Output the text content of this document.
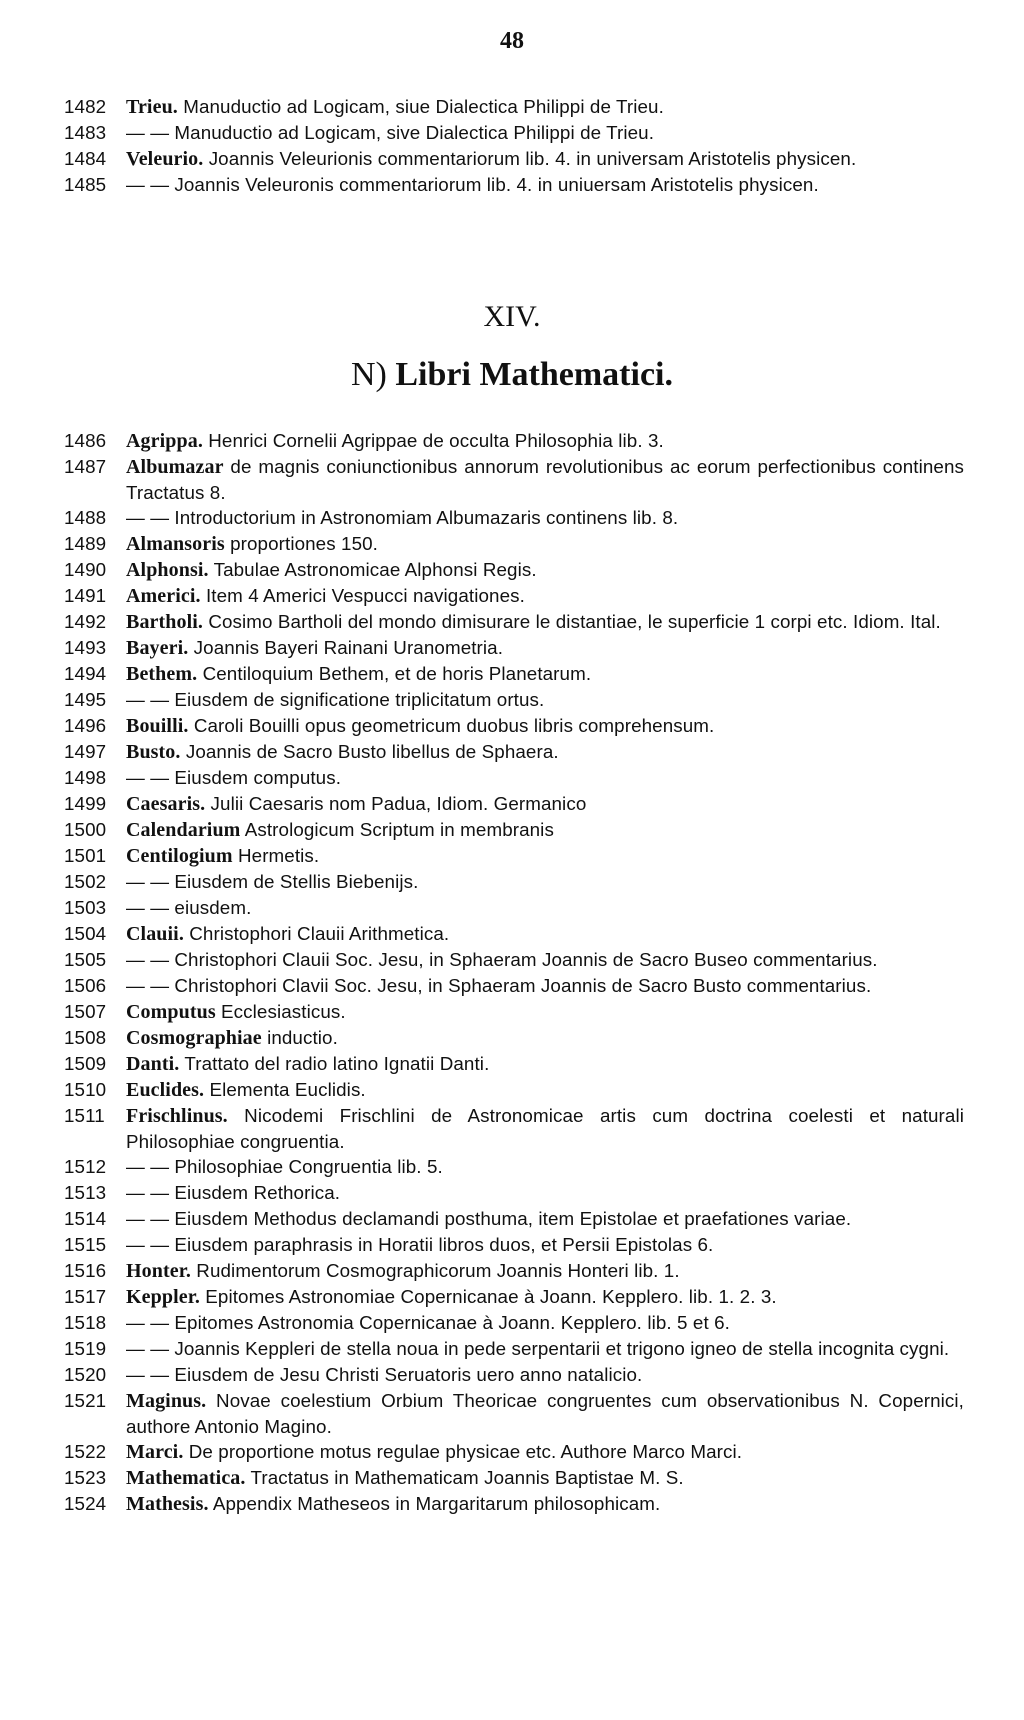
48
1482 Trieu. Manuductio ad Logicam, siue Dialectica Philippi de Trieu.
1483	— — Manuductio ad Logicam, sive Dialectica Philippi de Trieu.
1484 Veleurio. Joannis Veleurionis commentariorum lib. 4. in universam Aristotelis physicen.
1485	— — Joannis Veleuronis commentariorum lib. 4. in uniuersam Aristotelis physicen.
XIV.
N) Libri Mathematici.
1486 Agrippa. Henrici Cornelii Agrippae de occulta Philosophia lib. 3.
1487 Albumazar de magnis coniunctionibus annorum revolutionibus ac eorum perfectionibus continens Tractatus 8.
1488	— — Introductorium in Astronomiam Albumazaris continens lib. 8.
1489 Almansoris proportiones 150.
1490 Alphonsi. Tabulae Astronomicae Alphonsi Regis.
1491 Americi. Item 4 Americi Vespucci navigationes.
1492 Bartholi. Cosimo Bartholi del mondo dimisurare le distantiae, le superficie 1 corpi etc. Idiom. Ital.
1493 Bayeri. Joannis Bayeri Rainani Uranometria.
1494 Bethem. Centiloquium Bethem, et de horis Planetarum.
1495	— — Eiusdem de significatione triplicitatum ortus.
1496 Bouilli. Caroli Bouilli opus geometricum duobus libris comprehensum.
1497 Busto. Joannis de Sacro Busto libellus de Sphaera.
1498	— — Eiusdem computus.
1499 Caesaris. Julii Caesaris nom Padua, Idiom. Germanico
1500 Calendarium Astrologicum Scriptum in membranis
1501 Centilogium Hermetis.
1502	— — Eiusdem de Stellis Biebenijs.
1503	— — eiusdem.
1504 Clauii. Christophori Clauii Arithmetica.
1505	— — Christophori Clauii Soc. Jesu, in Sphaeram Joannis de Sacro Buseo commentarius.
1506	— — Christophori Clavii Soc. Jesu, in Sphaeram Joannis de Sacro Busto commentarius.
1507 Computus Ecclesiasticus.
1508 Cosmographiae inductio.
1509 Danti. Trattato del radio latino Ignatii Danti.
1510 Euclides. Elementa Euclidis.
1511	Frischlinus. Nicodemi Frischlini de Astronomicae artis cum doctrina coelesti et naturali Philosophiae congruentia.
1512	— — Philosophiae Congruentia lib. 5.
1513	— — Eiusdem Rethorica.
1514	— — Eiusdem Methodus declamandi posthuma, item Epistolae et praefationes variae.
1515	— — Eiusdem paraphrasis in Horatii libros duos, et Persii Epistolas 6.
1516 Honter. Rudimentorum Cosmographicorum Joannis Honteri lib. 1.
1517 Keppler. Epitomes Astronomiae Copernicanae à Joann. Kepplero. lib. 1. 2. 3.
1518	— — Epitomes Astronomia Copernicanae à Joann. Kepplero. lib. 5 et 6.
1519	— — Joannis Keppleri de stella noua in pede serpentarii et trigono igneo de stella incognita cygni.
1520	— — Eiusdem de Jesu Christi Seruatoris uero anno natalicio.
1521 Maginus. Novae coelestium Orbium Theoricae congruentes cum observationibus N. Copernici, authore Antonio Magino.
1522 Marci. De proportione motus regulae physicae etc. Authore Marco Marci.
1523 Mathematica. Tractatus in Mathematicam Joannis Baptistae M. S.
1524 Mathesis. Appendix Matheseos in Margaritarum philosophicam.
